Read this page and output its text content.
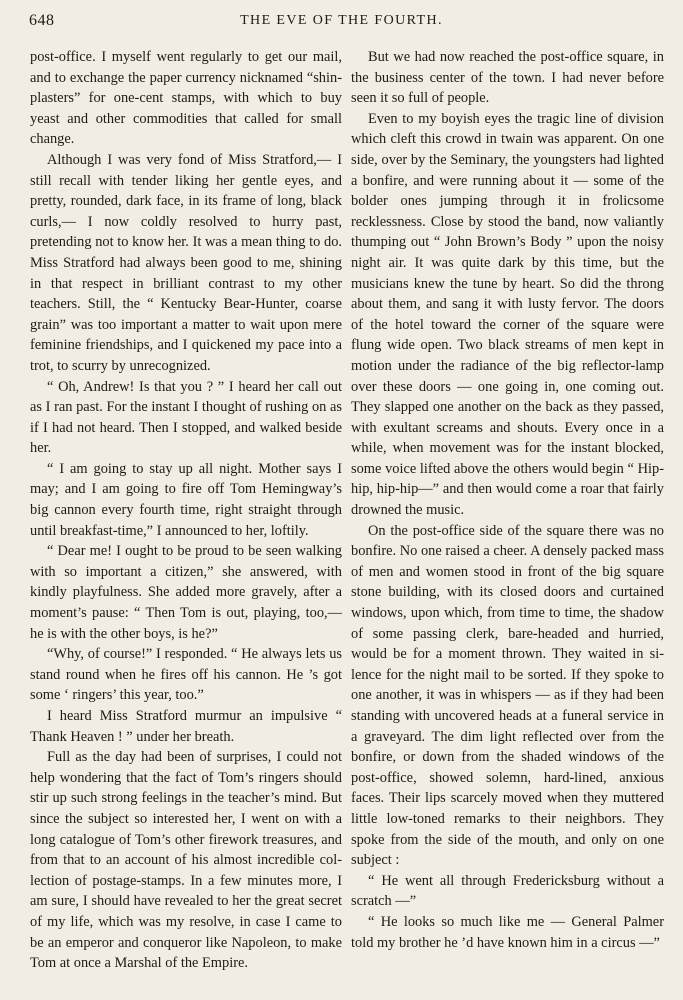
648	THE EVE OF THE FOURTH.

post-office. I myself went regularly to get our mail, and to exchange the paper currency nicknamed “shin-plasters” for one-cent stamps, with which to buy yeast and other commodities that called for small change.

Although I was very fond of Miss Stratford,— I still recall with tender liking her gentle eyes, and pretty, rounded, dark face, in its frame of long, black curls,— I now coldly resolved to hurry past, pretending not to know her. It was a mean thing to do. Miss Stratford had always been good to me, shining in that respect in brilliant contrast to my other teachers. Still, the “ Kentucky Bear-Hunter, coarse grain” was too important a matter to wait upon mere feminine friendships, and I quickened my pace into a trot, to scurry by unrecognized.

“ Oh, Andrew! Is that you ? ” I heard her call out as I ran past. For the instant I thought of rushing on as if I had not heard. Then I stopped, and walked beside her.

“ I am going to stay up all night. Mother says I may; and I am going to fire off Tom Hemingway’s big cannon every fourth time, right straight through until breakfast-time,” I announced to her, loftily.

“ Dear me! I ought to be proud to be seen walking with so important a citizen,” she answered, with kindly playfulness. She added more gravely, after a moment’s pause: “ Then Tom is out, playing, too,—he is with the other boys, is he?”

“Why, of course!” I responded. “ He always lets us stand round when he fires off his cannon. He ’s got some ‘ ringers’ this year, too.”

I heard Miss Stratford murmur an impulsive “ Thank Heaven ! ” under her breath.

Full as the day had been of surprises, I could not help wondering that the fact of Tom’s ringers should stir up such strong feelings in the teacher’s mind. But since the subject so interested her, I went on with a long catalogue of Tom’s other firework treasures, and from that to an account of his almost incredible collection of postage-stamps. In a few minutes more, I am sure, I should have revealed to her the great secret of my life, which was my resolve, in case I came to be an emperor and conqueror like Napoleon, to make Tom at once a Marshal of the Empire.

But we had now reached the post-office square, in the business center of the town. I had never before seen it so full of people.

Even to my boyish eyes the tragic line of division which cleft this crowd in twain was apparent. On one side, over by the Seminary, the youngsters had lighted a bonfire, and were running about it — some of the bolder ones jumping through it in frolicsome recklessness. Close by stood the band, now valiantly thumping out “ John Brown’s Body ” upon the noisy night air. It was quite dark by this time, but the musicians knew the tune by heart. So did the throng about them, and sang it with lusty fervor. The doors of the hotel toward the corner of the square were flung wide open. Two black streams of men kept in motion under the radiance of the big reflector-lamp over these doors — one going in, one coming out. They slapped one another on the back as they passed, with exultant screams and shouts. Every once in a while, when movement was for the instant blocked, some voice lifted above the others would begin “ Hip-hip, hip-hip—” and then would come a roar that fairly drowned the music.

On the post-office side of the square there was no bonfire. No one raised a cheer. A densely packed mass of men and women stood in front of the big square stone building, with its closed doors and curtained windows, upon which, from time to time, the shadow of some passing clerk, bare-headed and hurried, would be for a moment thrown. They waited in silence for the night mail to be sorted. If they spoke to one another, it was in whispers — as if they had been standing with uncovered heads at a funeral service in a graveyard. The dim light reflected over from the bonfire, or down from the shaded windows of the post-office, showed solemn, hard-lined, anxious faces. Their lips scarcely moved when they muttered little low-toned remarks to their neighbors. They spoke from the side of the mouth, and only on one subject :

“ He went all through Fredericksburg without a scratch —”

“ He looks so much like me — General Palmer told my brother he ’d have known him in a circus —”
